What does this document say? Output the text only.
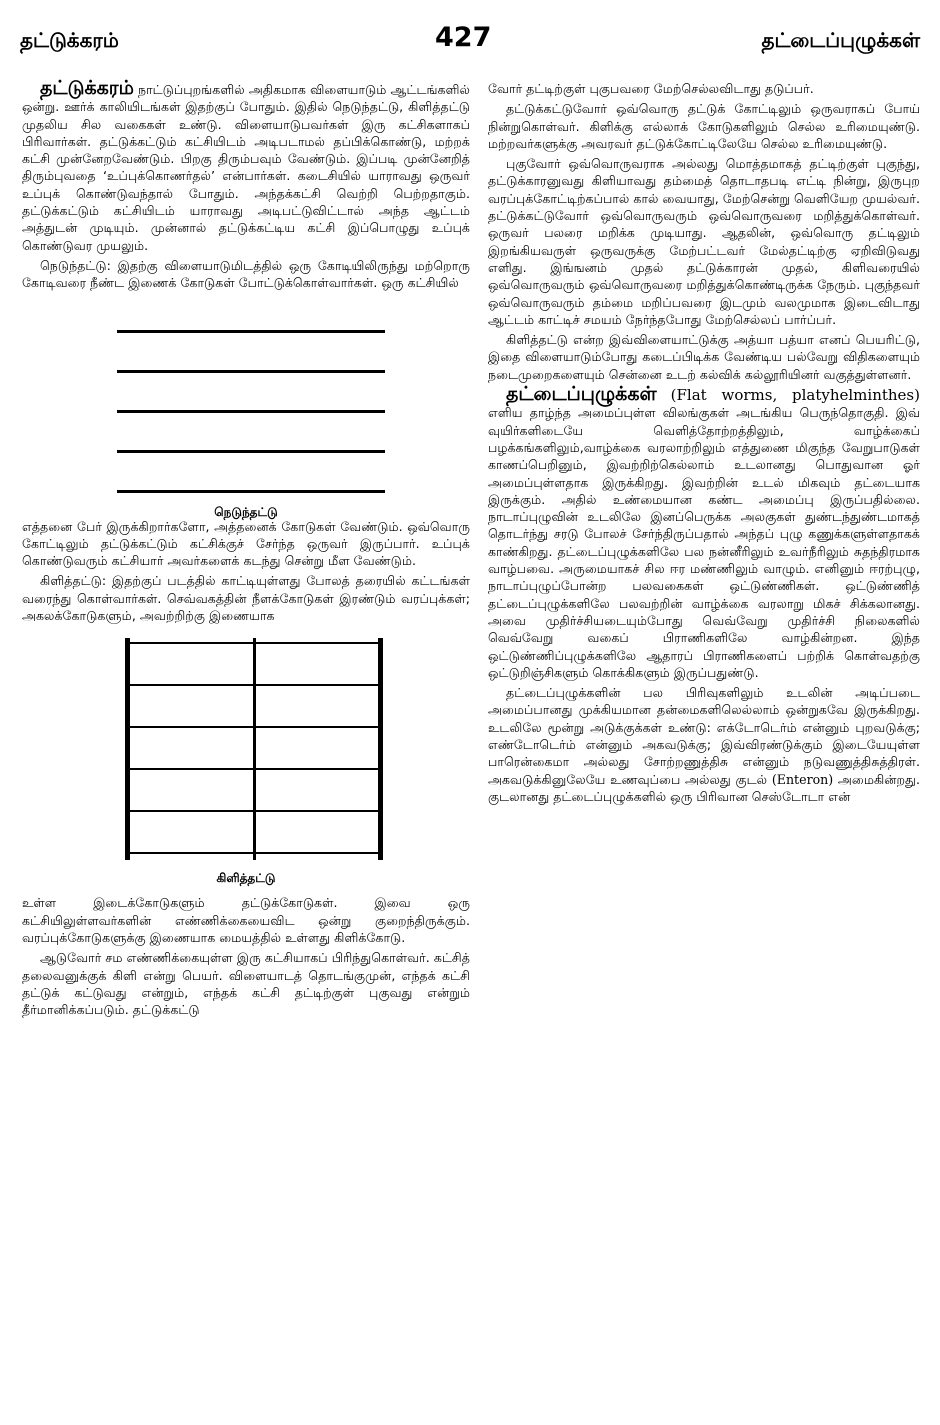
தட்டுக்கரம்	427	தட்டைப்புழுக்கள்

தட்டுக்கரம் நாட்டுப்புறங்களில் அதிகமாக விளையாடும் ஆட்டங்களில் ஒன்று. ஊர்க் காலியிடங்கள் இதற்குப் போதும். இதில் நெடுந்தட்டு, கிளித்தட்டு முதலிய சில வகைகள் உண்டு. விளையாடுபவர்கள் இரு கட்சிகளாகப் பிரிவார்கள். தட்டுக்கட்டும் கட்சியிடம் அடிபடாமல் தப்பிக்கொண்டு, மற்றக் கட்சி முன்னேறவேண்டும். பிறகு திரும்பவும் வேண்டும். இப்படி முன்னேறித் திரும்புவதை ‘உப்புக்கொணர்தல்’ என்பார்கள். கடைசியில் யாராவது ஒருவர் உப்புக் கொண்டுவந்தால் போதும். அந்தக்கட்சி வெற்றி பெற்றதாகும். தட்டுக்கட்டும் கட்சியிடம் யாராவது அடிபட்டுவிட்டால் அந்த ஆட்டம் அத்துடன் முடியும். முன்னால் தட்டுக்கட்டிய கட்சி இப்பொழுது உப்புக் கொண்டுவர முயலும்.

நெடுந்தட்டு: இதற்கு விளையாடுமிடத்தில் ஒரு கோடியிலிருந்து மற்றொரு கோடிவரை நீண்ட இணைக் கோடுகள் போட்டுக்கொள்வார்கள். ஒரு கட்சியில்

நெடுந்தட்டு

எத்தனை பேர் இருக்கிறார்களோ, அத்தனைக் கோடுகள் வேண்டும். ஒவ்வொரு கோட்டிலும் தட்டுக்கட்டும் கட்சிக்குச் சேர்ந்த ஒருவர் இருப்பார். உப்புக் கொண்டுவரும் கட்சியார் அவர்களைக் கடந்து சென்று மீள வேண்டும்.

கிளித்தட்டு: இதற்குப் படத்தில் காட்டியுள்ளது போலத் தரையில் கட்டங்கள் வரைந்து கொள்வார்கள். செவ்வகத்தின் நீளக்கோடுகள் இரண்டும் வரப்புக்கள்; அகலக்கோடுகளும், அவற்றிற்கு இணையாக

கிளித்தட்டு

உள்ள இடைக்கோடுகளும் தட்டுக்கோடுகள். இவை ஒரு கட்சியிலுள்ளவர்களின் எண்ணிக்கையைவிட ஒன்று குறைந்திருக்கும். வரப்புக்கோடுகளுக்கு இணையாக மையத்தில் உள்ளது கிளிக்கோடு.

ஆடுவோர் சம எண்ணிக்கையுள்ள இரு கட்சியாகப் பிரிந்துகொள்வர். கட்சித் தலைவனுக்குக் கிளி என்று பெயர். விளையாடத் தொடங்குமுன், எந்தக் கட்சி தட்டுக் கட்டுவது என்றும், எந்தக் கட்சி தட்டிற்குள் புகுவது என்றும் தீர்மானிக்கப்படும். தட்டுக்கட்டு

வோர் தட்டிற்குள் புகுபவரை மேற்செல்லவிடாது தடுப்பர்.

தட்டுக்கட்டுவோர் ஒவ்வொரு தட்டுக் கோட்டிலும் ஒருவராகப் போய் நின்றுகொள்வர். கிளிக்கு எல்லாக் கோடுகளிலும் செல்ல உரிமையுண்டு. மற்றவர்களுக்கு அவரவர் தட்டுக்கோட்டிலேயே செல்ல உரிமையுண்டு.

புகுவோர் ஒவ்வொருவராக அல்லது மொத்தமாகத் தட்டிற்குள் புகுந்து, தட்டுக்காரனுவது கிளியாவது தம்மைத் தொடாதபடி எட்டி நின்று, இருபுற வரப்புக்கோட்டிற்கப்பால் கால் வையாது, மேற்சென்று வெளியேற முயல்வர். தட்டுக்கட்டுவோர் ஒவ்வொருவரும் ஒவ்வொருவரை மறித்துக்கொள்வர். ஒருவர் பலரை மறிக்க முடியாது. ஆதலின், ஒவ்வொரு தட்டிலும் இறங்கியவருள் ஒருவருக்கு மேற்பட்டவர் மேல்தட்டிற்கு ஏறிவிடுவது எளிது. இங்ஙனம் முதல் தட்டுக்காரன் முதல், கிளிவரையில் ஒவ்வொருவரும் ஒவ்வொருவரை மறித்துக்கொண்டிருக்க நேரும். புகுந்தவர் ஒவ்வொருவரும் தம்மை மறிப்பவரை இடமும் வலமுமாக இடைவிடாது ஆட்டம் காட்டிச் சமயம் நேர்ந்தபோது மேற்செல்லப் பார்ப்பர்.

கிளித்தட்டு என்ற இவ்விளையாட்டுக்கு அத்யா பத்யா எனப் பெயரிட்டு, இதை விளையாடும்போது கடைப்பிடிக்க வேண்டிய பல்வேறு விதிகளையும் நடைமுறைகளையும் சென்னை உடற் கல்விக் கல்லூரியினர் வகுத்துள்ளனர்.

தட்டைப்புழுக்கள் (Flat worms, platyhelminthes) எளிய தாழ்ந்த அமைப்புள்ள விலங்குகள் அடங்கிய பெருந்தொகுதி. இவ் வுயிர்களிடையே வெளித்தோற்றத்திலும், வாழ்க்கைப் பழக்கங்களிலும்,வாழ்க்கை வரலாற்றிலும் எத்துணை மிகுந்த வேறுபாடுகள் காணப்பெறினும், இவற்றிற்கெல்லாம் உடலானது பொதுவான ஓர் அமைப்புள்ளதாக இருக்கிறது. இவற்றின் உடல் மிகவும் தட்டையாக இருக்கும். அதில் உண்மையான கண்ட அமைப்பு இருப்பதில்லை. நாடாப்புழுவின் உடலிலே இனப்பெருக்க அலகுகள் துண்டந்துண்டமாகத் தொடர்ந்து சரடு போலச் சேர்ந்திருப்பதால் அந்தப் புழு கணுக்களுள்ளதாகக் காண்கிறது. தட்டைப்புழுக்களிலே பல நன்னீரிலும் உவர்நீரிலும் சுதந்திரமாக வாழ்பவை. அருமையாகச் சில ஈர மண்ணிலும் வாழும். எனினும் ஈரற்புழு, நாடாப்புழுப்போன்ற பலவகைகள் ஒட்டுண்ணிகள். ஒட்டுண்ணித் தட்டைப்புழுக்களிலே பலவற்றின் வாழ்க்கை வரலாறு மிகச் சிக்கலானது. அவை முதிர்ச்சியடையும்போது வெவ்வேறு முதிர்ச்சி நிலைகளில் வெவ்வேறு வகைப் பிராணிகளிலே வாழ்கின்றன. இந்த ஒட்டுண்ணிப்புழுக்களிலே ஆதாரப் பிராணிகளைப் பற்றிக் கொள்வதற்கு ஒட்டுறிஞ்சிகளும் கொக்கிகளும் இருப்பதுண்டு.

தட்டைப்புழுக்களின் பல பிரிவுகளிலும் உடலின் அடிப்படை அமைப்பானது முக்கியமான தன்மைகளிலெல்லாம் ஒன்றுகவே இருக்கிறது. உடலிலே மூன்று அடுக்குக்கள் உண்டு: எக்டோடெர்ம் என்னும் புறவடுக்கு; எண்டோடெர்ம் என்னும் அகவடுக்கு; இவ்விரண்டுக்கும் இடையேயுள்ள பாரென்கைமா அல்லது சோற்றணுத்திசு என்னும் நடுவணுத்திசுத்திரள். அகவடுக்கினுலேயே உணவுப்பை அல்லது குடல் (Enteron) அமைகின்றது. குடலானது தட்டைப்புழுக்களில் ஒரு பிரிவான செஸ்டோடா என்
